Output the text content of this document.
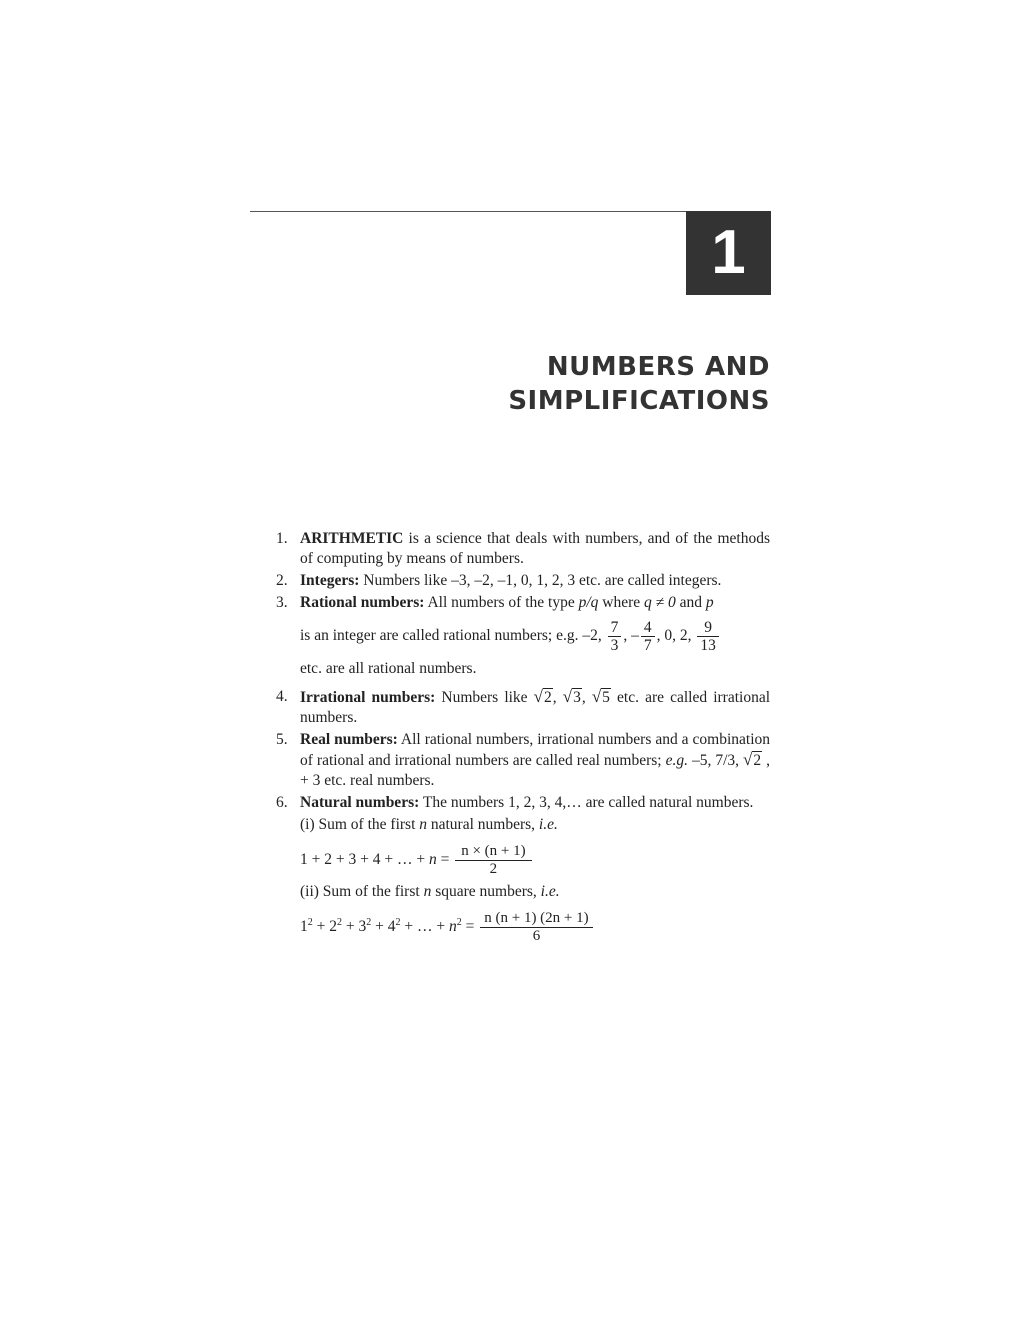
1
NUMBERS AND
SIMPLIFICATIONS
1. ARITHMETIC is a science that deals with numbers, and of the methods of computing by means of numbers.
2. Integers: Numbers like –3, –2, –1, 0, 1, 2, 3 etc. are called integers.
3. Rational numbers: All numbers of the type p/q where q ≠ 0 and p
is an integer are called rational numbers; e.g. –2, $\frac{7}{3}$ , – $\frac{4}{7}$ , 0, 2, $\frac{9}{13}$
etc. are all rational numbers.
4. Irrational numbers: Numbers like √2, √3, √5 etc. are called irrational numbers.
5. Real numbers: All rational numbers, irrational numbers and a combination of rational and irrational numbers are called real numbers; e.g. –5, 7/3, √2 , + 3 etc. real numbers.
6. Natural numbers: The numbers 1, 2, 3, 4,… are called natural numbers.
(i) Sum of the first n natural numbers, i.e.
1 + 2 + 3 + 4 + … + $n = \frac{n \times (n + 1)}{2}$
(ii) Sum of the first n square numbers, i.e.
$1^2 + 2^2 + 3^2 + 4^2$ + … + $n^2 = \frac{n (n + 1) (2n + 1)}{6}$
